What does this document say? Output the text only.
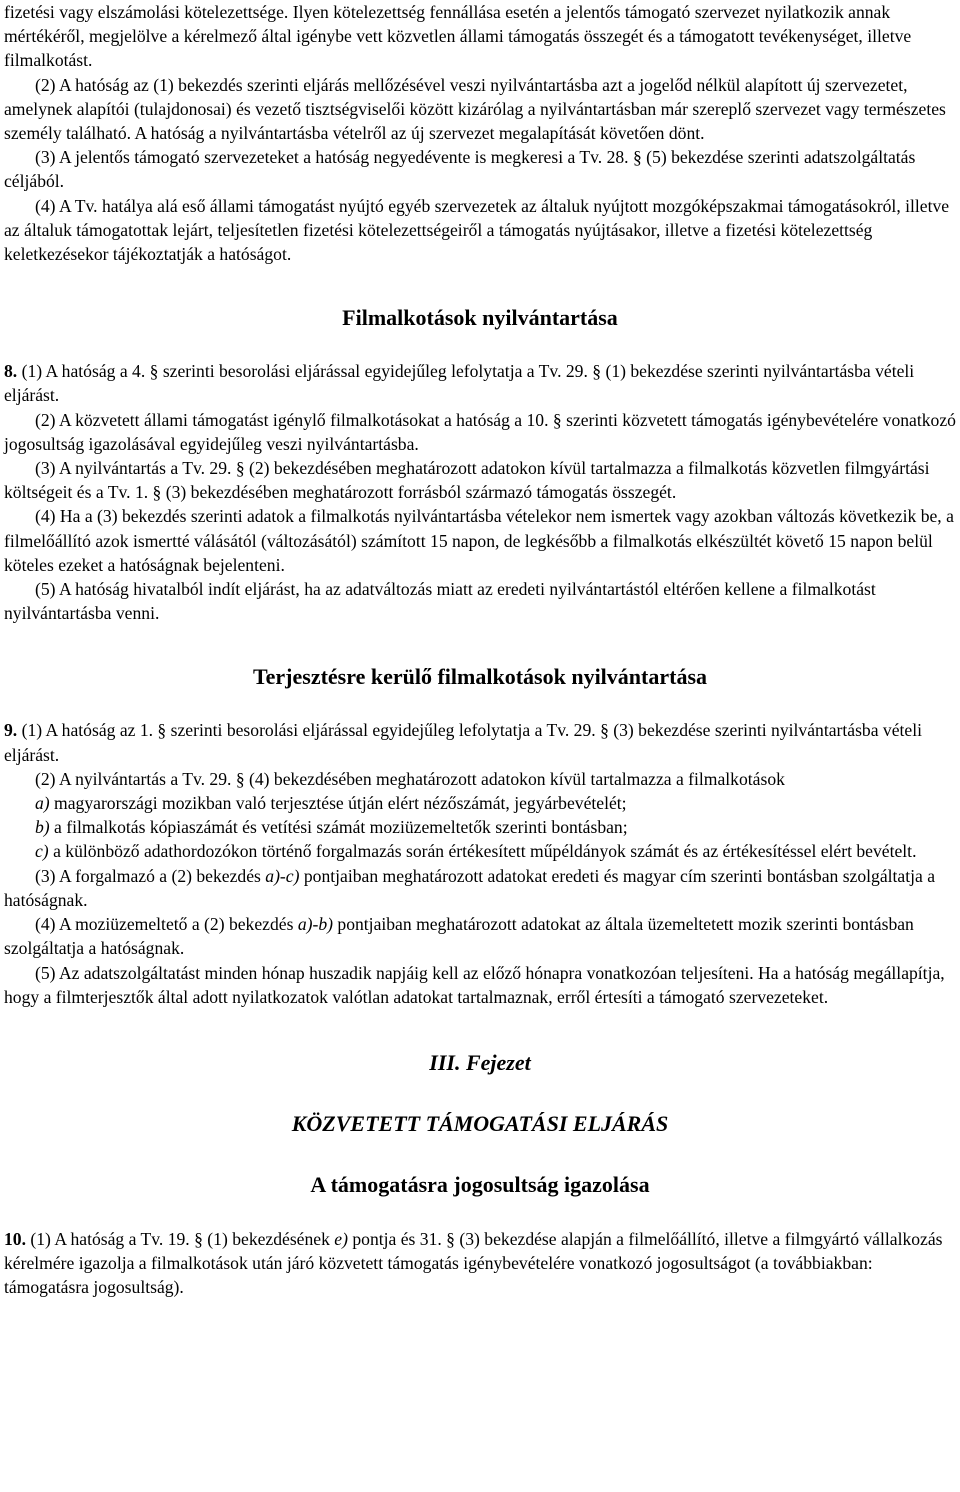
fizetési vagy elszámolási kötelezettsége. Ilyen kötelezettség fennállása esetén a jelentős támogató szervezet nyilatkozik annak mértékéről, megjelölve a kérelmező által igénybe vett közvetlen állami támogatás összegét és a támogatott tevékenységet, illetve filmalkotást.

(2) A hatóság az (1) bekezdés szerinti eljárás mellőzésével veszi nyilvántartásba azt a jogelőd nélkül alapított új szervezetet, amelynek alapítói (tulajdonosai) és vezető tisztségviselői között kizárólag a nyilvántartásban már szereplő szervezet vagy természetes személy található. A hatóság a nyilvántartásba vételről az új szervezet megalapítását követően dönt.

(3) A jelentős támogató szervezeteket a hatóság negyedévente is megkeresi a Tv. 28. § (5) bekezdése szerinti adatszolgáltatás céljából.

(4) A Tv. hatálya alá eső állami támogatást nyújtó egyéb szervezetek az általuk nyújtott mozgóképszakmai támogatásokról, illetve az általuk támogatottak lejárt, teljesítetlen fizetési kötelezettségeiről a támogatás nyújtásakor, illetve a fizetési kötelezettség keletkezésekor tájékoztatják a hatóságot.

Filmalkotások nyilvántartása

8. (1) A hatóság a 4. § szerinti besorolási eljárással egyidejűleg lefolytatja a Tv. 29. § (1) bekezdése szerinti nyilvántartásba vételi eljárást.

(2) A közvetett állami támogatást igénylő filmalkotásokat a hatóság a 10. § szerinti közvetett támogatás igénybevételére vonatkozó jogosultság igazolásával egyidejűleg veszi nyilvántartásba.

(3) A nyilvántartás a Tv. 29. § (2) bekezdésében meghatározott adatokon kívül tartalmazza a filmalkotás közvetlen filmgyártási költségeit és a Tv. 1. § (3) bekezdésében meghatározott forrásból származó támogatás összegét.

(4) Ha a (3) bekezdés szerinti adatok a filmalkotás nyilvántartásba vételekor nem ismertek vagy azokban változás következik be, a filmelőállító azok ismertté válásától (változásától) számított 15 napon, de legkésőbb a filmalkotás elkészültét követő 15 napon belül köteles ezeket a hatóságnak bejelenteni.

(5) A hatóság hivatalból indít eljárást, ha az adatváltozás miatt az eredeti nyilvántartástól eltérően kellene a filmalkotást nyilvántartásba venni.

Terjesztésre kerülő filmalkotások nyilvántartása

9. (1) A hatóság az 1. § szerinti besorolási eljárással egyidejűleg lefolytatja a Tv. 29. § (3) bekezdése szerinti nyilvántartásba vételi eljárást.

(2) A nyilvántartás a Tv. 29. § (4) bekezdésében meghatározott adatokon kívül tartalmazza a filmalkotások

a) magyarországi mozikban való terjesztése útján elért nézőszámát, jegyárbevételét;

b) a filmalkotás kópiaszámát és vetítési számát moziüzemeltetők szerinti bontásban;

c) a különböző adathordozókon történő forgalmazás során értékesített műpéldányok számát és az értékesítéssel elért bevételt.

(3) A forgalmazó a (2) bekezdés a)-c) pontjaiban meghatározott adatokat eredeti és magyar cím szerinti bontásban szolgáltatja a hatóságnak.

(4) A moziüzemeltető a (2) bekezdés a)-b) pontjaiban meghatározott adatokat az általa üzemeltetett mozik szerinti bontásban szolgáltatja a hatóságnak.

(5) Az adatszolgáltatást minden hónap huszadik napjáig kell az előző hónapra vonatkozóan teljesíteni. Ha a hatóság megállapítja, hogy a filmterjesztők által adott nyilatkozatok valótlan adatokat tartalmaznak, erről értesíti a támogató szervezeteket.

III. Fejezet

KÖZVETETT TÁMOGATÁSI ELJÁRÁS

A támogatásra jogosultság igazolása

10. (1) A hatóság a Tv. 19. § (1) bekezdésének e) pontja és 31. § (3) bekezdése alapján a filmelőállító, illetve a filmgyártó vállalkozás kérelmére igazolja a filmalkotások után járó közvetett támogatás igénybevételére vonatkozó jogosultságot (a továbbiakban: támogatásra jogosultság).
